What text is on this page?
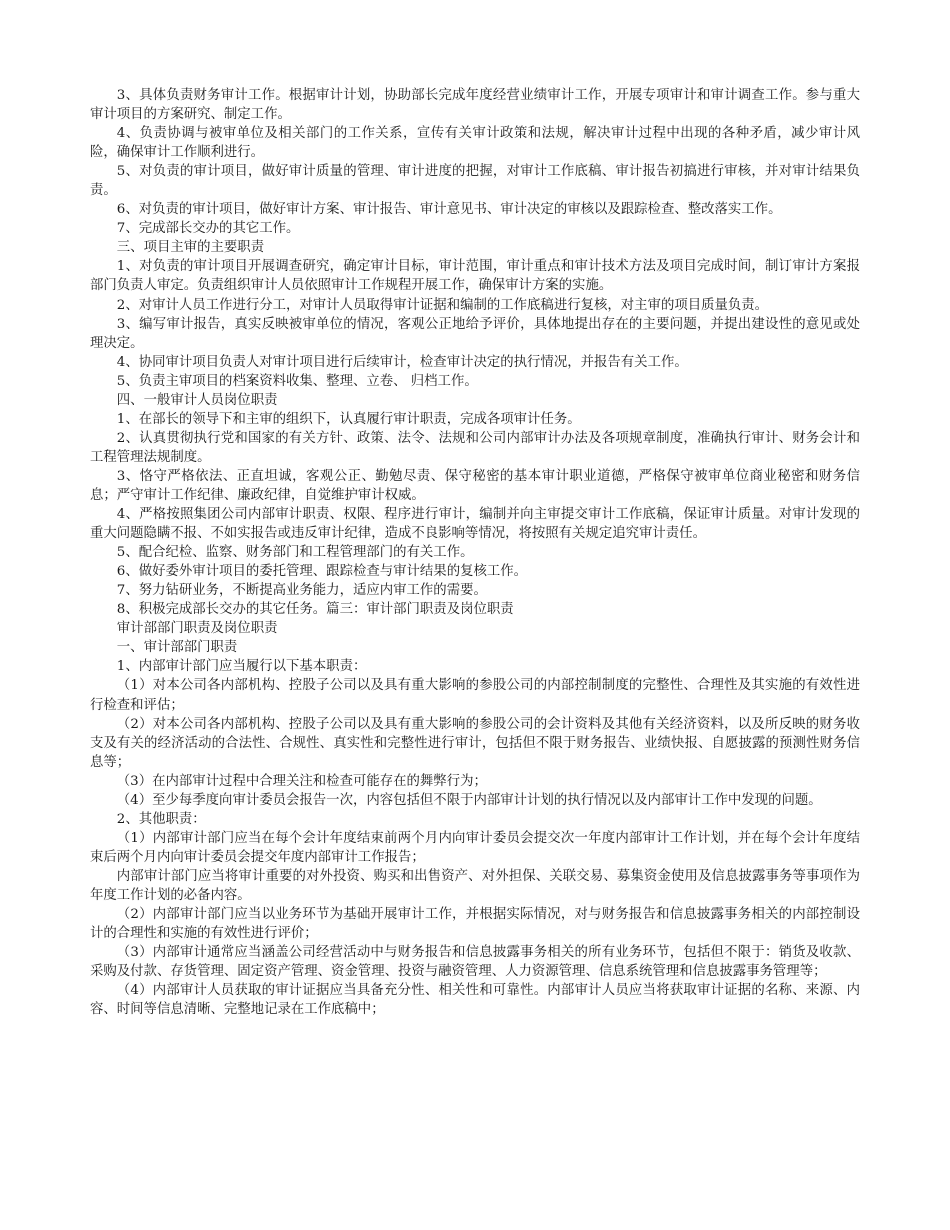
3、具体负责财务审计工作。根据审计计划，协助部长完成年度经营业绩审计工作，开展专项审计和审计调查工作。参与重大审计项目的方案研究、制定工作。

4、负责协调与被审单位及相关部门的工作关系，宣传有关审计政策和法规，解决审计过程中出现的各种矛盾，减少审计风险，确保审计工作顺利进行。

5、对负责的审计项目，做好审计质量的管理、审计进度的把握，对审计工作底稿、审计报告初搞进行审核，并对审计结果负责。

6、对负责的审计项目，做好审计方案、审计报告、审计意见书、审计决定的审核以及跟踪检查、整改落实工作。

7、完成部长交办的其它工作。

三、项目主审的主要职责

1、对负责的审计项目开展调查研究，确定审计目标，审计范围，审计重点和审计技术方法及项目完成时间，制订审计方案报部门负责人审定。负责组织审计人员依照审计工作规程开展工作，确保审计方案的实施。

2、对审计人员工作进行分工，对审计人员取得审计证据和编制的工作底稿进行复核，对主审的项目质量负责。

3、编写审计报告，真实反映被审单位的情况，客观公正地给予评价，具体地提出存在的主要问题，并提出建设性的意见或处理决定。

4、协同审计项目负责人对审计项目进行后续审计，检查审计决定的执行情况，并报告有关工作。

5、负责主审项目的档案资料收集、整理、立卷、 归档工作。

四、一般审计人员岗位职责

1、在部长的领导下和主审的组织下，认真履行审计职责，完成各项审计任务。

2、认真贯彻执行党和国家的有关方针、政策、法令、法规和公司内部审计办法及各项规章制度，准确执行审计、财务会计和工程管理法规制度。

3、恪守严格依法、正直坦诚，客观公正、勤勉尽责、保守秘密的基本审计职业道德，严格保守被审单位商业秘密和财务信息；严守审计工作纪律、廉政纪律，自觉维护审计权威。

4、严格按照集团公司内部审计职责、权限、程序进行审计，编制并向主审提交审计工作底稿，保证审计质量。对审计发现的重大问题隐瞒不报、不如实报告或违反审计纪律，造成不良影响等情况，将按照有关规定追究审计责任。

5、配合纪检、监察、财务部门和工程管理部门的有关工作。

6、做好委外审计项目的委托管理、跟踪检查与审计结果的复核工作。

7、努力钻研业务，不断提高业务能力，适应内审工作的需要。

8、积极完成部长交办的其它任务。篇三：审计部门职责及岗位职责

审计部部门职责及岗位职责

一、审计部部门职责

1、内部审计部门应当履行以下基本职责：

（1）对本公司各内部机构、控股子公司以及具有重大影响的参股公司的内部控制制度的完整性、合理性及其实施的有效性进行检查和评估；

（2）对本公司各内部机构、控股子公司以及具有重大影响的参股公司的会计资料及其他有关经济资料，以及所反映的财务收支及有关的经济活动的合法性、合规性、真实性和完整性进行审计，包括但不限于财务报告、业绩快报、自愿披露的预测性财务信息等；

（3）在内部审计过程中合理关注和检查可能存在的舞弊行为；

（4）至少每季度向审计委员会报告一次，内容包括但不限于内部审计计划的执行情况以及内部审计工作中发现的问题。

2、其他职责：

（1）内部审计部门应当在每个会计年度结束前两个月内向审计委员会提交次一年度内部审计工作计划，并在每个会计年度结束后两个月内向审计委员会提交年度内部审计工作报告；

内部审计部门应当将审计重要的对外投资、购买和出售资产、对外担保、关联交易、募集资金使用及信息披露事务等事项作为年度工作计划的必备内容。

（2）内部审计部门应当以业务环节为基础开展审计工作，并根据实际情况，对与财务报告和信息披露事务相关的内部控制设计的合理性和实施的有效性进行评价；

（3）内部审计通常应当涵盖公司经营活动中与财务报告和信息披露事务相关的所有业务环节，包括但不限于：销货及收款、采购及付款、存货管理、固定资产管理、资金管理、投资与融资管理、人力资源管理、信息系统管理和信息披露事务管理等；

（4）内部审计人员获取的审计证据应当具备充分性、相关性和可靠性。内部审计人员应当将获取审计证据的名称、来源、内容、时间等信息清晰、完整地记录在工作底稿中；
